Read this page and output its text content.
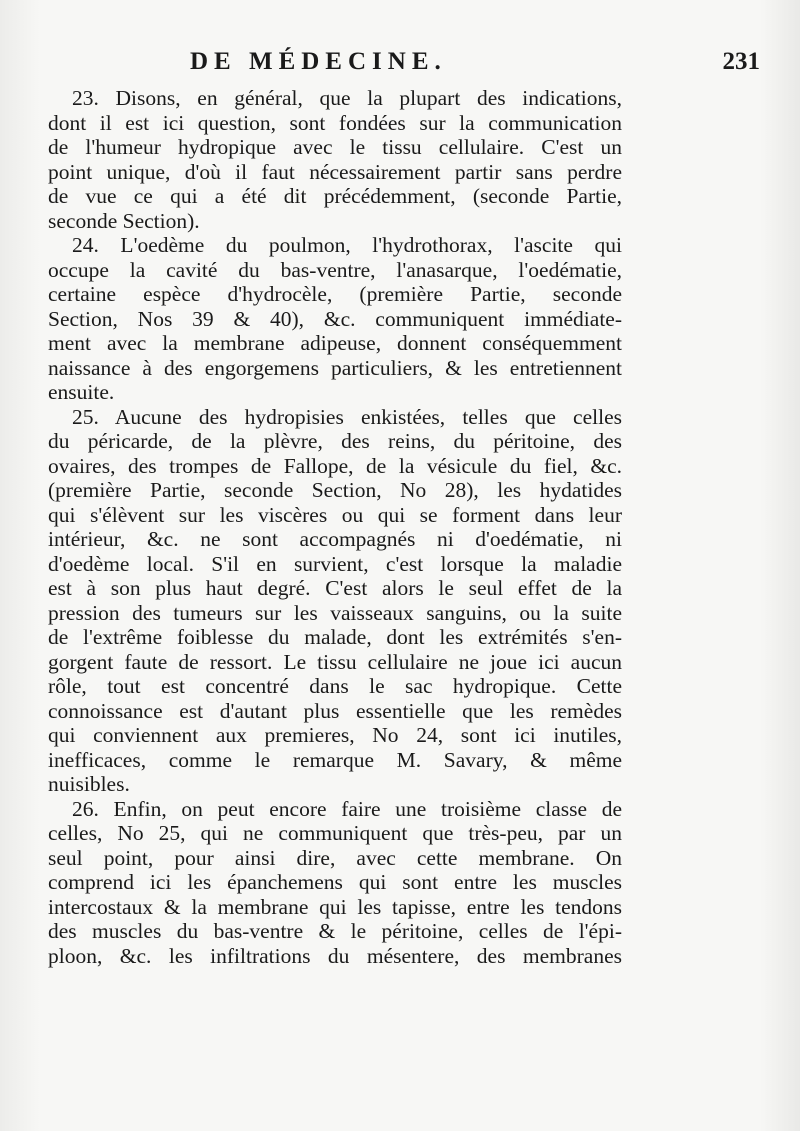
DE MÉDECINE.	231
23. Disons, en général, que la plupart des indications,
dont il est ici question, sont fondées sur la communication
de l'humeur hydropique avec le tissu cellulaire. C'est un
point unique, d'où il faut nécessairement partir sans perdre
de vue ce qui a été dit précédemment, (seconde Partie,
seconde Section).
24. L'oedème du poulmon, l'hydrothorax, l'ascite qui
occupe la cavité du bas-ventre, l'anasarque, l'oedématie,
certaine espèce d'hydrocèle, (première Partie, seconde
Section, Nos 39 & 40), &c. communiquent immédiate-
ment avec la membrane adipeuse, donnent conséquemment
naissance à des engorgemens particuliers, & les entretiennent
ensuite.
25. Aucune des hydropisies enkistées, telles que celles
du péricarde, de la plèvre, des reins, du péritoine, des
ovaires, des trompes de Fallope, de la vésicule du fiel, &c.
(première Partie, seconde Section, No 28), les hydatides
qui s'élèvent sur les viscères ou qui se forment dans leur
intérieur, &c. ne sont accompagnés ni d'oedématie, ni
d'oedème local. S'il en survient, c'est lorsque la maladie
est à son plus haut degré. C'est alors le seul effet de la
pression des tumeurs sur les vaisseaux sanguins, ou la suite
de l'extrême foiblesse du malade, dont les extrémités s'en-
gorgent faute de ressort. Le tissu cellulaire ne joue ici aucun
rôle, tout est concentré dans le sac hydropique. Cette
connoissance est d'autant plus essentielle que les remèdes
qui conviennent aux premieres, No 24, sont ici inutiles,
inefficaces, comme le remarque M. Savary, & même
nuisibles.
26. Enfin, on peut encore faire une troisième classe de
celles, No 25, qui ne communiquent que très-peu, par un
seul point, pour ainsi dire, avec cette membrane. On
comprend ici les épanchemens qui sont entre les muscles
intercostaux & la membrane qui les tapisse, entre les tendons
des muscles du bas-ventre & le péritoine, celles de l'épi-
ploon, &c. les infiltrations du mésentere, des membranes
